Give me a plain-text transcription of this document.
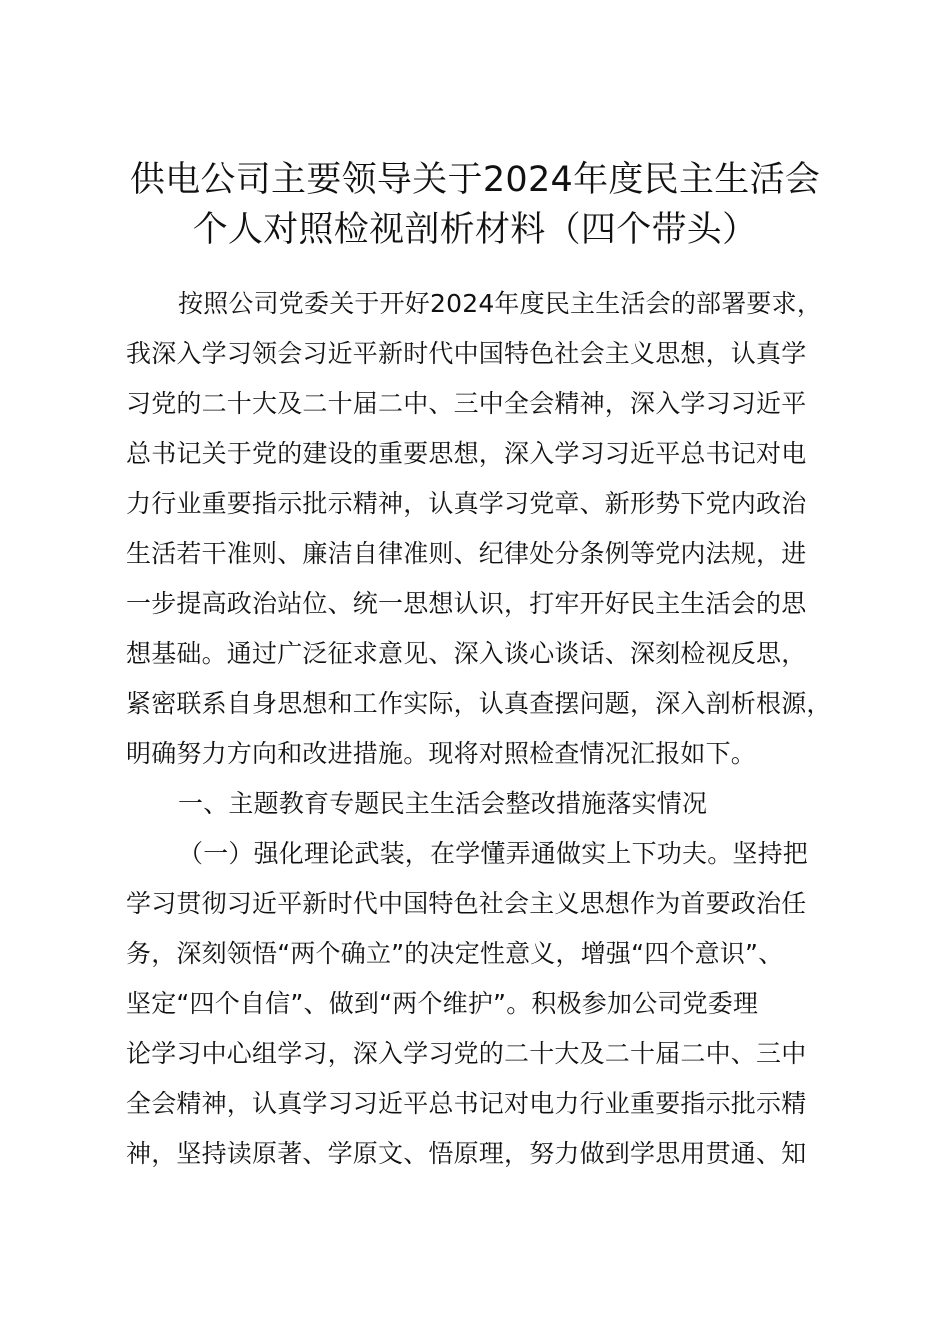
供电公司主要领导关于2024年度民主生活会
个人对照检视剖析材料（四个带头）
按照公司党委关于开好2024年度民主生活会的部署要求，
我深入学习领会习近平新时代中国特色社会主义思想，认真学
习党的二十大及二十届二中、三中全会精神，深入学习习近平
总书记关于党的建设的重要思想，深入学习习近平总书记对电
力行业重要指示批示精神，认真学习党章、新形势下党内政治
生活若干准则、廉洁自律准则、纪律处分条例等党内法规，进
一步提高政治站位、统一思想认识，打牢开好民主生活会的思
想基础。通过广泛征求意见、深入谈心谈话、深刻检视反思，
紧密联系自身思想和工作实际，认真查摆问题，深入剖析根源，
明确努力方向和改进措施。现将对照检查情况汇报如下。
一、主题教育专题民主生活会整改措施落实情况
（一）强化理论武装，在学懂弄通做实上下功夫。坚持把
学习贯彻习近平新时代中国特色社会主义思想作为首要政治任
务，深刻领悟“两个确立”的决定性意义，增强“四个意识”、
坚定“四个自信”、做到“两个维护”。积极参加公司党委理
论学习中心组学习，深入学习党的二十大及二十届二中、三中
全会精神，认真学习习近平总书记对电力行业重要指示批示精
神，坚持读原著、学原文、悟原理，努力做到学思用贯通、知
